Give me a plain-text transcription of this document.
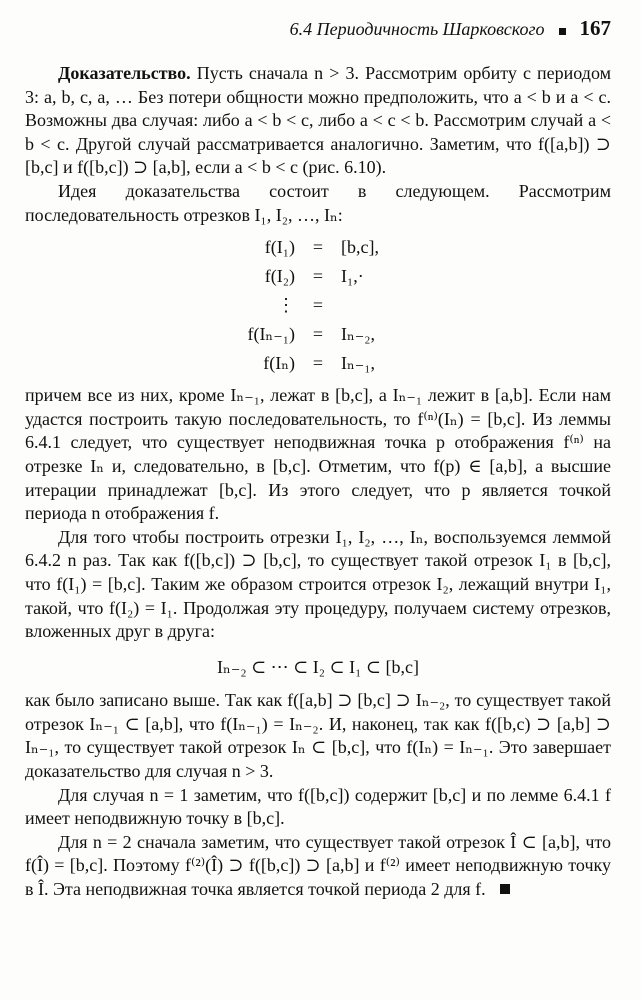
6.4 Периодичность Шарковского 167

Доказательство. Пусть сначала n > 3. Рассмотрим орбиту с периодом 3: a, b, c, a, … Без потери общности можно предположить, что a < b и a < c. Возможны два случая: либо a < b < c, либо a < c < b. Рассмотрим случай a < b < c. Другой случай рассматривается аналогично. Заметим, что f([a,b]) ⊃ [b,c] и f([b,c]) ⊃ [a,b], если a < b < c (рис. 6.10).

Идея доказательства состоит в следующем. Рассмотрим последовательность отрезков I₁, I₂, …, Iₙ:

f(I₁) = [b,c],
f(I₂) = I₁,·
⋮ =
f(Iₙ₋₁) = Iₙ₋₂,
f(Iₙ) = Iₙ₋₁,

причем все из них, кроме Iₙ₋₁, лежат в [b,c], а Iₙ₋₁ лежит в [a,b]. Если нам удастся построить такую последовательность, то f⁽ⁿ⁾(Iₙ) = [b,c]. Из леммы 6.4.1 следует, что существует неподвижная точка p отображения f⁽ⁿ⁾ на отрезке Iₙ и, следовательно, в [b,c]. Отметим, что f(p) ∈ [a,b], а высшие итерации принадлежат [b,c]. Из этого следует, что p является точкой периода n отображения f.

Для того чтобы построить отрезки I₁, I₂, …, Iₙ, воспользуемся леммой 6.4.2 n раз. Так как f([b,c]) ⊃ [b,c], то существует такой отрезок I₁ в [b,c], что f(I₁) = [b,c]. Таким же образом строится отрезок I₂, лежащий внутри I₁, такой, что f(I₂) = I₁. Продолжая эту процедуру, получаем систему отрезков, вложенных друг в друга:

Iₙ₋₂ ⊂ ⋯ ⊂ I₂ ⊂ I₁ ⊂ [b,c]

как было записано выше. Так как f([a,b] ⊃ [b,c] ⊃ Iₙ₋₂, то существует такой отрезок Iₙ₋₁ ⊂ [a,b], что f(Iₙ₋₁) = Iₙ₋₂. И, наконец, так как f([b,c) ⊃ [a,b] ⊃ Iₙ₋₁, то существует такой отрезок Iₙ ⊂ [b,c], что f(Iₙ) = Iₙ₋₁. Это завершает доказательство для случая n > 3.

Для случая n = 1 заметим, что f([b,c]) содержит [b,c] и по лемме 6.4.1 f имеет неподвижную точку в [b,c].

Для n = 2 сначала заметим, что существует такой отрезок Î ⊂ [a,b], что f(Î) = [b,c]. Поэтому f⁽²⁾(Î) ⊃ f([b,c]) ⊃ [a,b] и f⁽²⁾ имеет неподвижную точку в Î. Эта неподвижная точка является точкой периода 2 для f.
